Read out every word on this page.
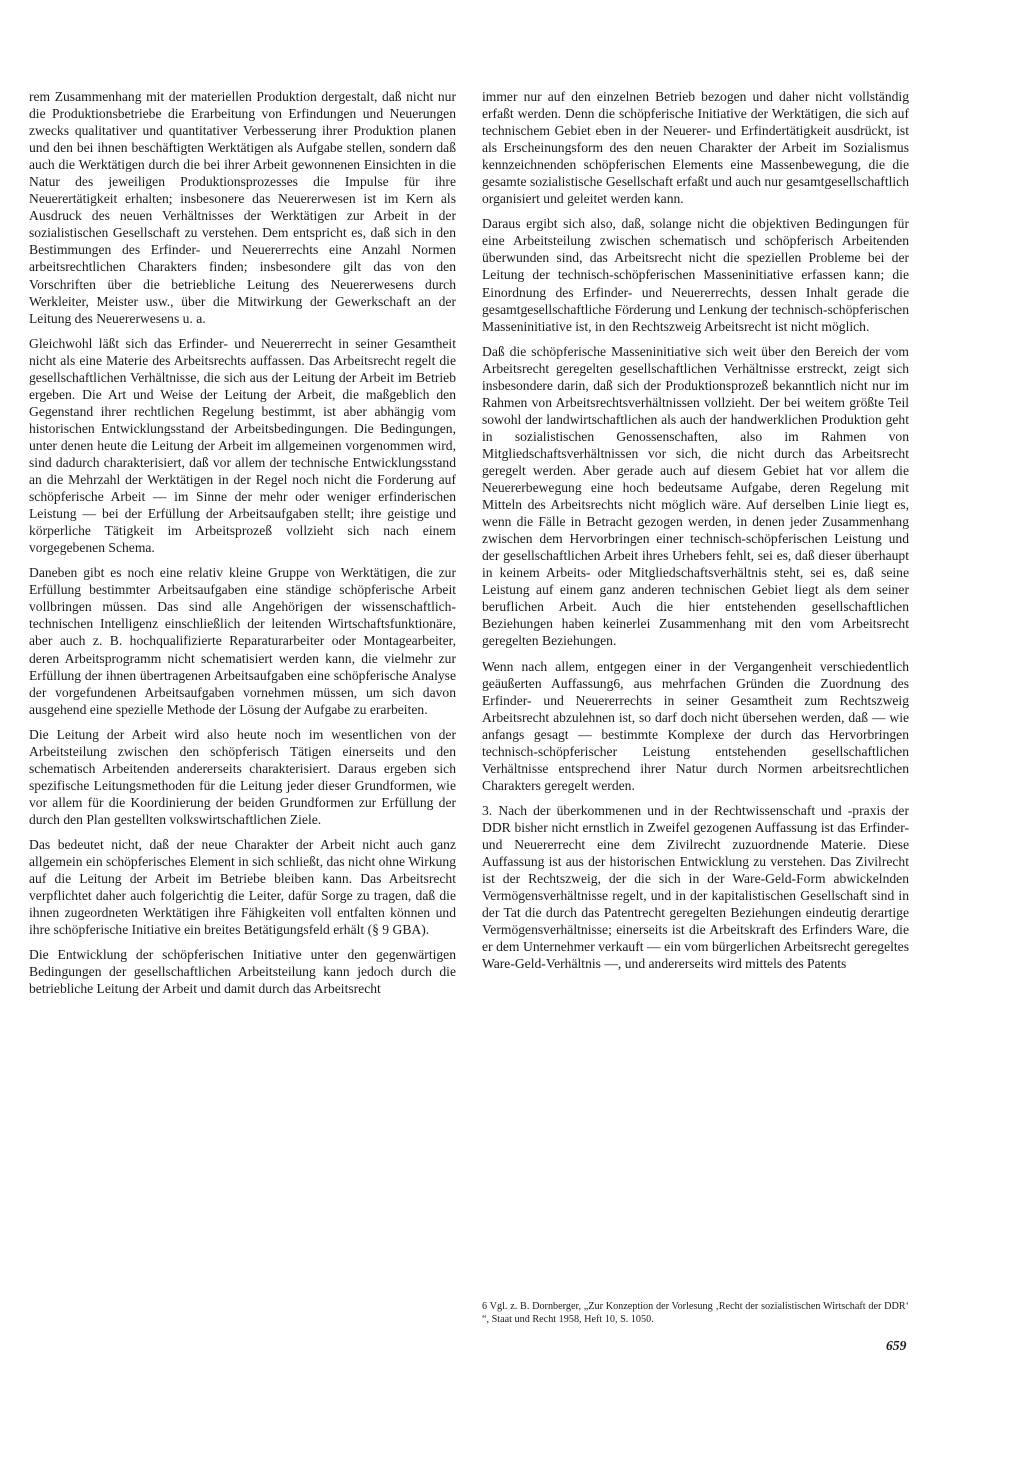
rem Zusammenhang mit der materiellen Produktion dergestalt, daß nicht nur die Produktionsbetriebe die Erarbeitung von Erfindungen und Neuerungen zwecks qualitativer und quantitativer Verbesserung ihrer Produktion planen und den bei ihnen beschäftigten Werktätigen als Aufgabe stellen, sondern daß auch die Werktätigen durch die bei ihrer Arbeit gewonnenen Einsichten in die Natur des jeweiligen Produktionsprozesses die Impulse für ihre Neuerertätigkeit erhalten; insbesonere das Neuererwesen ist im Kern als Ausdruck des neuen Verhältnisses der Werktätigen zur Arbeit in der sozialistischen Gesellschaft zu verstehen. Dem entspricht es, daß sich in den Bestimmungen des Erfinder- und Neuererrechts eine Anzahl Normen arbeitsrechtlichen Charakters finden; insbesondere gilt das von den Vorschriften über die betriebliche Leitung des Neuererwesens durch Werkleiter, Meister usw., über die Mitwirkung der Gewerkschaft an der Leitung des Neuererwesens u. a.

Gleichwohl läßt sich das Erfinder- und Neuererrecht in seiner Gesamtheit nicht als eine Materie des Arbeitsrechts auffassen. Das Arbeitsrecht regelt die gesellschaftlichen Verhältnisse, die sich aus der Leitung der Arbeit im Betrieb ergeben. Die Art und Weise der Leitung der Arbeit, die maßgeblich den Gegenstand ihrer rechtlichen Regelung bestimmt, ist aber abhängig vom historischen Entwicklungsstand der Arbeitsbedingungen. Die Bedingungen, unter denen heute die Leitung der Arbeit im allgemeinen vorgenommen wird, sind dadurch charakterisiert, daß vor allem der technische Entwicklungsstand an die Mehrzahl der Werktätigen in der Regel noch nicht die Forderung auf schöpferische Arbeit — im Sinne der mehr oder weniger erfinderischen Leistung — bei der Erfüllung der Arbeitsaufgaben stellt; ihre geistige und körperliche Tätigkeit im Arbeitsprozeß vollzieht sich nach einem vorgegebenen Schema.

Daneben gibt es noch eine relativ kleine Gruppe von Werktätigen, die zur Erfüllung bestimmter Arbeitsaufgaben eine ständige schöpferische Arbeit vollbringen müssen. Das sind alle Angehörigen der wissenschaftlich-technischen Intelligenz einschließlich der leitenden Wirtschaftsfunktionäre, aber auch z. B. hochqualifizierte Reparaturarbeiter oder Montagearbeiter, deren Arbeitsprogramm nicht schematisiert werden kann, die vielmehr zur Erfüllung der ihnen übertragenen Arbeitsaufgaben eine schöpferische Analyse der vorgefundenen Arbeitsaufgaben vornehmen müssen, um sich davon ausgehend eine spezielle Methode der Lösung der Aufgabe zu erarbeiten.

Die Leitung der Arbeit wird also heute noch im wesentlichen von der Arbeitsteilung zwischen den schöpferisch Tätigen einerseits und den schematisch Arbeitenden andererseits charakterisiert. Daraus ergeben sich spezifische Leitungsmethoden für die Leitung jeder dieser Grundformen, wie vor allem für die Koordinierung der beiden Grundformen zur Erfüllung der durch den Plan gestellten volkswirtschaftlichen Ziele.

Das bedeutet nicht, daß der neue Charakter der Arbeit nicht auch ganz allgemein ein schöpferisches Element in sich schließt, das nicht ohne Wirkung auf die Leitung der Arbeit im Betriebe bleiben kann. Das Arbeitsrecht verpflichtet daher auch folgerichtig die Leiter, dafür Sorge zu tragen, daß die ihnen zugeordneten Werktätigen ihre Fähigkeiten voll entfalten können und ihre schöpferische Initiative ein breites Betätigungsfeld erhält (§ 9 GBA).

Die Entwicklung der schöpferischen Initiative unter den gegenwärtigen Bedingungen der gesellschaftlichen Arbeitsteilung kann jedoch durch die betriebliche Leitung der Arbeit und damit durch das Arbeitsrecht

immer nur auf den einzelnen Betrieb bezogen und daher nicht vollständig erfaßt werden. Denn die schöpferische Initiative der Werktätigen, die sich auf technischem Gebiet eben in der Neuerer- und Erfindertätigkeit ausdrückt, ist als Erscheinungsform des den neuen Charakter der Arbeit im Sozialismus kennzeichnenden schöpferischen Elements eine Massenbewegung, die die gesamte sozialistische Gesellschaft erfaßt und auch nur gesamtgesellschaftlich organisiert und geleitet werden kann.

Daraus ergibt sich also, daß, solange nicht die objektiven Bedingungen für eine Arbeitsteilung zwischen schematisch und schöpferisch Arbeitenden überwunden sind, das Arbeitsrecht nicht die speziellen Probleme bei der Leitung der technisch-schöpferischen Masseninitiative erfassen kann; die Einordnung des Erfinder- und Neuererrechts, dessen Inhalt gerade die gesamtgesellschaftliche Förderung und Lenkung der technisch-schöpferischen Masseninitiative ist, in den Rechtszweig Arbeitsrecht ist nicht möglich.

Daß die schöpferische Masseninitiative sich weit über den Bereich der vom Arbeitsrecht geregelten gesellschaftlichen Verhältnisse erstreckt, zeigt sich insbesondere darin, daß sich der Produktionsprozeß bekanntlich nicht nur im Rahmen von Arbeitsrechtsverhältnissen vollzieht. Der bei weitem größte Teil sowohl der landwirtschaftlichen als auch der handwerklichen Produktion geht in sozialistischen Genossenschaften, also im Rahmen von Mitgliedschaftsverhältnissen vor sich, die nicht durch das Arbeitsrecht geregelt werden. Aber gerade auch auf diesem Gebiet hat vor allem die Neuererbewegung eine hoch bedeutsame Aufgabe, deren Regelung mit Mitteln des Arbeitsrechts nicht möglich wäre. Auf derselben Linie liegt es, wenn die Fälle in Betracht gezogen werden, in denen jeder Zusammenhang zwischen dem Hervorbringen einer technisch-schöpferischen Leistung und der gesellschaftlichen Arbeit ihres Urhebers fehlt, sei es, daß dieser überhaupt in keinem Arbeits- oder Mitgliedschaftsverhältnis steht, sei es, daß seine Leistung auf einem ganz anderen technischen Gebiet liegt als dem seiner beruflichen Arbeit. Auch die hier entstehenden gesellschaftlichen Beziehungen haben keinerlei Zusammenhang mit den vom Arbeitsrecht geregelten Beziehungen.

Wenn nach allem, entgegen einer in der Vergangenheit verschiedentlich geäußerten Auffassung6, aus mehrfachen Gründen die Zuordnung des Erfinder- und Neuererrechts in seiner Gesamtheit zum Rechtszweig Arbeitsrecht abzulehnen ist, so darf doch nicht übersehen werden, daß — wie anfangs gesagt — bestimmte Komplexe der durch das Hervorbringen technisch-schöpferischer Leistung entstehenden gesellschaftlichen Verhältnisse entsprechend ihrer Natur durch Normen arbeitsrechtlichen Charakters geregelt werden.

3. Nach der überkommenen und in der Rechtwissenschaft und -praxis der DDR bisher nicht ernstlich in Zweifel gezogenen Auffassung ist das Erfinder- und Neuererrecht eine dem Zivilrecht zuzuordnende Materie. Diese Auffassung ist aus der historischen Entwicklung zu verstehen. Das Zivilrecht ist der Rechtszweig, der die sich in der Ware-Geld-Form abwickelnden Vermögensverhältnisse regelt, und in der kapitalistischen Gesellschaft sind in der Tat die durch das Patentrecht geregelten Beziehungen eindeutig derartige Vermögensverhältnisse; einerseits ist die Arbeitskraft des Erfinders Ware, die er dem Unternehmer verkauft — ein vom bürgerlichen Arbeitsrecht geregeltes Ware-Geld-Verhältnis —, und andererseits wird mittels des Patents

6 Vgl. z. B. Dornberger, „Zur Konzeption der Vorlesung ‚Recht der sozialistischen Wirtschaft der DDR‘ “, Staat und Recht 1958, Heft 10, S. 1050.

659
